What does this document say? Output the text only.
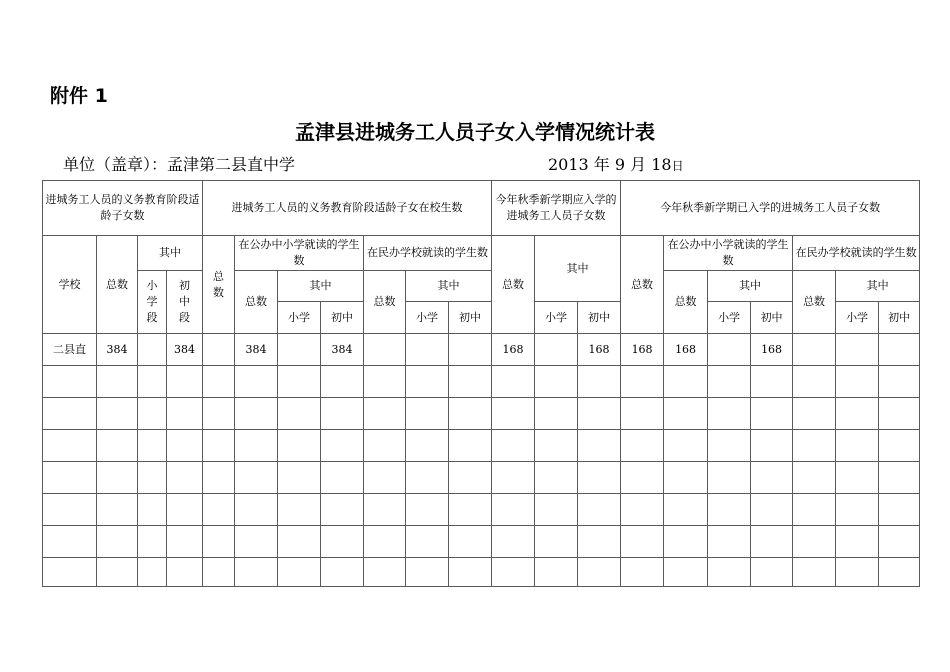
附件 1
孟津县进城务工人员子女入学情况统计表
单位（盖章）：孟津第二县直中学	2013 年 9 月 18日
进城务工人员的义务教育阶段适龄子女数				进城务工人员的义务教育阶段适龄子女在校生数							今年秋季新学期应入学的进城务工人员子女数			今年秋季新学期已入学的进城务工人员子女数						
学校	总数	其中		总数	在公办中小学就读的学生数			在民办学校就读的学生数			总数	其中		总数	在公办中小学就读的学生数			在民办学校就读的学生数		
		小学段	初中段		总数	其中		总数	其中						总数	其中		总数	其中	
						小学	初中		小学	初中		小学	初中			小学	初中		小学	初中
二县直	384		384		384		384				168		168	168	168		168			
